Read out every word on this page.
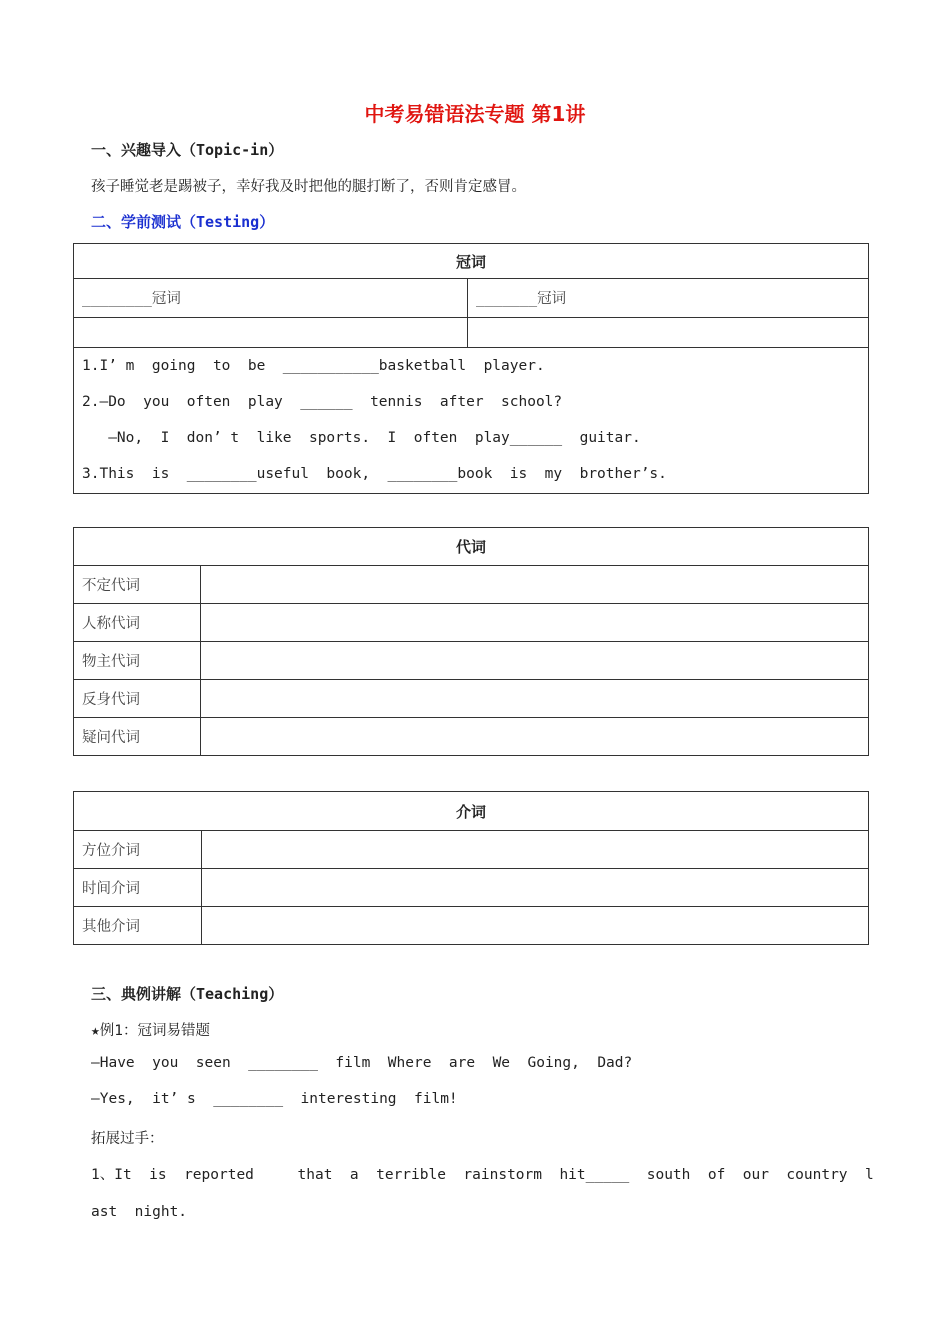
中考易错语法专题 第1讲
一、兴趣导入（Topic-in）
孩子睡觉老是踢被子，幸好我及时把他的腿打断了，否则肯定感冒。
二、学前测试（Testing）
冠词	
________冠词	_______冠词

1.I’ m  going  to  be  ___________basketball  player.
2.—Do  you  often  play  ______  tennis  after  school?
—No,  I  don’ t  like  sports.  I  often  play______  guitar.
3.This  is  ________useful  book,  ________book  is  my  brother’s.	
代词	
不定代词	
人称代词	
物主代词	
反身代词	
疑问代词	
介词	
方位介词	
时间介词	
其他介词	
三、典例讲解（Teaching）
★例1：冠词易错题
—Have  you  seen  ________  film  Where  are  We  Going,  Dad?
—Yes,  it’ s  ________  interesting  film!
拓展过手：
1、It  is  reported     that  a  terrible  rainstorm  hit_____  south  of  our  country  l
ast  night.
